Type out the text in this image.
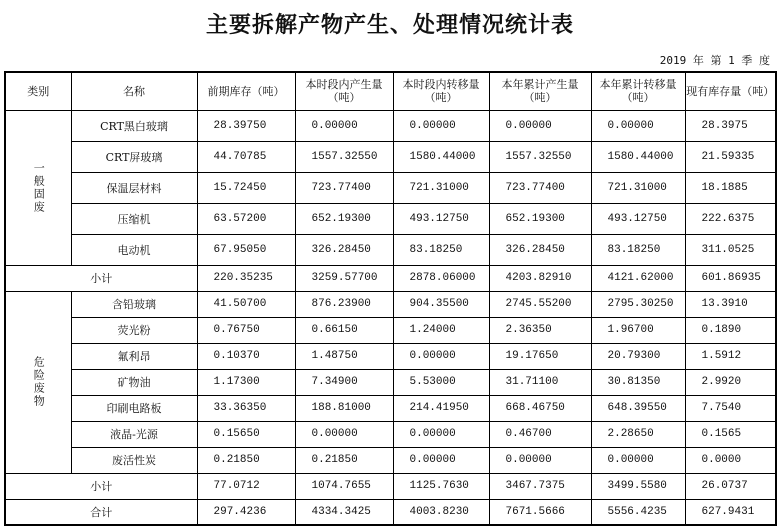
主要拆解产物产生、处理情况统计表
2019 年 第 1 季 度
类别	名称	前期库存（吨）	本时段内产生量（吨）	本时段内转移量（吨）	本年累计产生量（吨）	本年累计转移量（吨）	现有库存量（吨）
一般固废	CRT黑白玻璃	28.39750	0.00000	0.00000	0.00000	0.00000	28.3975
	CRT屏玻璃	44.70785	1557.32550	1580.44000	1557.32550	1580.44000	21.59335
	保温层材料	15.72450	723.77400	721.31000	723.77400	721.31000	18.1885
	压缩机	63.57200	652.19300	493.12750	652.19300	493.12750	222.6375
	电动机	67.95050	326.28450	83.18250	326.28450	83.18250	311.0525
小计		220.35235	3259.57700	2878.06000	4203.82910	4121.62000	601.86935
危险废物	含铅玻璃	41.50700	876.23900	904.35500	2745.55200	2795.30250	13.3910
	荧光粉	0.76750	0.66150	1.24000	2.36350	1.96700	0.1890
	氟利昂	0.10370	1.48750	0.00000	19.17650	20.79300	1.5912
	矿物油	1.17300	7.34900	5.53000	31.71100	30.81350	2.9920
	印刷电路板	33.36350	188.81000	214.41950	668.46750	648.39550	7.7540
	液晶-光源	0.15650	0.00000	0.00000	0.46700	2.28650	0.1565
	废活性炭	0.21850	0.21850	0.00000	0.00000	0.00000	0.0000
小计		77.0712	1074.7655	1125.7630	3467.7375	3499.5580	26.0737
合计		297.4236	4334.3425	4003.8230	7671.5666	5556.4235	627.9431
